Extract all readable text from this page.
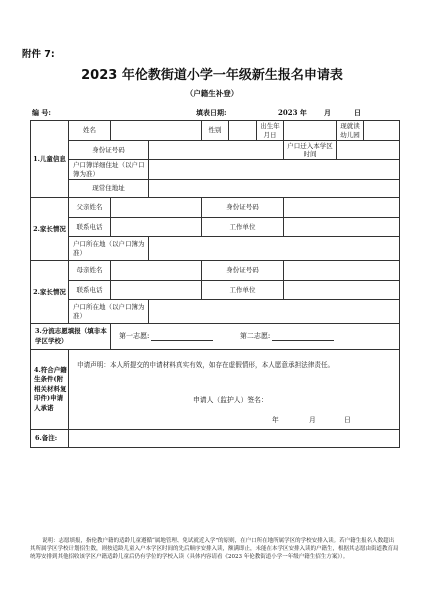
附件 7:
2023 年伦教街道小学一年级新生报名申请表
（户籍生补登）
编 号:	填表日期:	2023 年 月	日
1.儿童信息	姓名			性别		出生年月日		现就读幼儿园	
	身份证号码						户口迁入本学区时间		
	户口簿详细住址（以户口簿为准）								
	现常住地址								
2.家长情况	父亲姓名			身份证号码					
	联系电话			工作单位					
	户口所在地（以户口簿为准）								
2.家长情况	母亲姓名			身份证号码					
	联系电话			工作单位					
	户口所在地（以户口簿为准）								
3.分流志愿填报（填非本学区学校）		第一志愿: 第二志愿:							
4.符合户籍生条件(附相关材料复印件)申请人承诺	申请声明：本人所提交的申请材料真实有效，如存在虚假情形，本人愿意承担法律责任。
申请人（监护人）签名：
年 月 日								

6.备注:									
说明：志愿填报，指伦教户籍的适龄儿童遵循“属地管理、免试就近入学”的原则，在户口所在地所属学区的学校安排入读。若户籍生报名人数超出其所属学区学校计划招生数，则按适龄儿童入户本学区时间的先后顺序安排入读，额满即止，未能在本学区安排入读的户籍生，根据其志愿由街道教育局统筹安排到其他招收该学区户籍适龄儿童后仍有学位的学校入读（具体内容请看《2023 年伦教街道小学一年级户籍生招生方案》）。
